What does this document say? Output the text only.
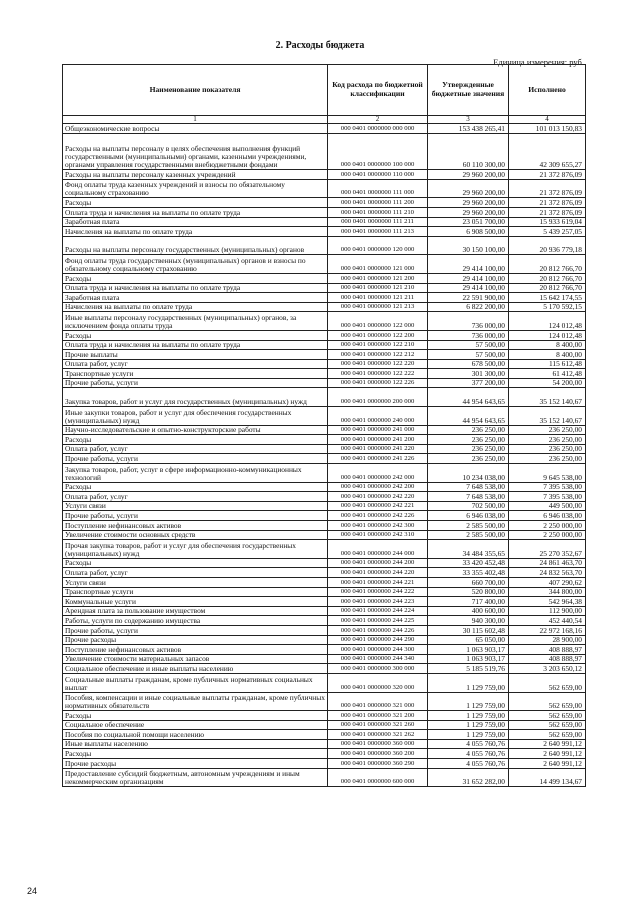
2. Расходы бюджета
Единица измерения: руб.
Наименование показателя	Код расхода по бюджетной классификации	Утвержденные бюджетные значения	Исполнено
1	2	3	4
Общеэкономические вопросы	000 0401 0000000 000 000	153 438 265,41	101 013 150,83
Расходы на выплаты персоналу в целях обеспечения выполнения функций государственными (муниципальными) органами, казенными учреждениями, органами управления государственными внебюджетными фондами	000 0401 0000000 100 000	60 110 300,00	42 309 655,27
Расходы на выплаты персоналу казенных учреждений	000 0401 0000000 110 000	29 960 200,00	21 372 876,09
Фонд оплаты труда казенных учреждений и взносы по обязательному социальному страхованию	000 0401 0000000 111 000	29 960 200,00	21 372 876,09
Расходы	000 0401 0000000 111 200	29 960 200,00	21 372 876,09
Оплата труда и начисления на выплаты по оплате труда	000 0401 0000000 111 210	29 960 200,00	21 372 876,09
Заработная плата	000 0401 0000000 111 211	23 051 700,00	15 933 619,04
Начисления на выплаты по оплате труда	000 0401 0000000 111 213	6 908 500,00	5 439 257,05
Расходы на выплаты персоналу государственных (муниципальных) органов	000 0401 0000000 120 000	30 150 100,00	20 936 779,18
Фонд оплаты труда государственных (муниципальных) органов и взносы по обязательному социальному страхованию	000 0401 0000000 121 000	29 414 100,00	20 812 766,70
Расходы	000 0401 0000000 121 200	29 414 100,00	20 812 766,70
Оплата труда и начисления на выплаты по оплате труда	000 0401 0000000 121 210	29 414 100,00	20 812 766,70
Заработная плата	000 0401 0000000 121 211	22 591 900,00	15 642 174,55
Начисления на выплаты по оплате труда	000 0401 0000000 121 213	6 822 200,00	5 170 592,15
Иные выплаты персоналу государственных (муниципальных) органов, за исключением фонда оплаты труда	000 0401 0000000 122 000	736 000,00	124 012,48
Расходы	000 0401 0000000 122 200	736 000,00	124 012,48
Оплата труда и начисления на выплаты по оплате труда	000 0401 0000000 122 210	57 500,00	8 400,00
Прочие выплаты	000 0401 0000000 122 212	57 500,00	8 400,00
Оплата работ, услуг	000 0401 0000000 122 220	678 500,00	115 612,48
Транспортные услуги	000 0401 0000000 122 222	301 300,00	61 412,48
Прочие работы, услуги	000 0401 0000000 122 226	377 200,00	54 200,00
Закупка товаров, работ и услуг для государственных (муниципальных) нужд	000 0401 0000000 200 000	44 954 643,65	35 152 140,67
Иные закупки товаров, работ и услуг для обеспечения государственных (муниципальных) нужд	000 0401 0000000 240 000	44 954 643,65	35 152 140,67
Научно-исследовательские и опытно-конструкторские работы	000 0401 0000000 241 000	236 250,00	236 250,00
Расходы	000 0401 0000000 241 200	236 250,00	236 250,00
Оплата работ, услуг	000 0401 0000000 241 220	236 250,00	236 250,00
Прочие работы, услуги	000 0401 0000000 241 226	236 250,00	236 250,00
Закупка товаров, работ, услуг в сфере информационно-коммуникационных технологий	000 0401 0000000 242 000	10 234 038,00	9 645 538,00
Расходы	000 0401 0000000 242 200	7 648 538,00	7 395 538,00
Оплата работ, услуг	000 0401 0000000 242 220	7 648 538,00	7 395 538,00
Услуги связи	000 0401 0000000 242 221	702 500,00	449 500,00
Прочие работы, услуги	000 0401 0000000 242 226	6 946 038,00	6 946 038,00
Поступление нефинансовых активов	000 0401 0000000 242 300	2 585 500,00	2 250 000,00
Увеличение стоимости основных средств	000 0401 0000000 242 310	2 585 500,00	2 250 000,00
Прочая закупка товаров, работ и услуг для обеспечения государственных (муниципальных) нужд	000 0401 0000000 244 000	34 484 355,65	25 270 352,67
Расходы	000 0401 0000000 244 200	33 420 452,48	24 861 463,70
Оплата работ, услуг	000 0401 0000000 244 220	33 355 402,48	24 832 563,70
Услуги связи	000 0401 0000000 244 221	660 700,00	407 290,62
Транспортные услуги	000 0401 0000000 244 222	520 800,00	344 800,00
Коммунальные услуги	000 0401 0000000 244 223	717 400,00	542 964,38
Арендная плата за пользование имуществом	000 0401 0000000 244 224	400 600,00	112 900,00
Работы, услуги по содержанию имущества	000 0401 0000000 244 225	940 300,00	452 440,54
Прочие работы, услуги	000 0401 0000000 244 226	30 115 602,48	22 972 168,16
Прочие расходы	000 0401 0000000 244 290	65 050,00	28 900,00
Поступление нефинансовых активов	000 0401 0000000 244 300	1 063 903,17	408 888,97
Увеличение стоимости материальных запасов	000 0401 0000000 244 340	1 063 903,17	408 888,97
Социальное обеспечение и иные выплаты населению	000 0401 0000000 300 000	5 185 519,76	3 203 650,12
Социальные выплаты гражданам, кроме публичных нормативных социальных выплат	000 0401 0000000 320 000	1 129 759,00	562 659,00
Пособия, компенсации и иные социальные выплаты гражданам, кроме публичных нормативных обязательств	000 0401 0000000 321 000	1 129 759,00	562 659,00
Расходы	000 0401 0000000 321 200	1 129 759,00	562 659,00
Социальное обеспечение	000 0401 0000000 321 260	1 129 759,00	562 659,00
Пособия по социальной помощи населению	000 0401 0000000 321 262	1 129 759,00	562 659,00
Иные выплаты населению	000 0401 0000000 360 000	4 055 760,76	2 640 991,12
Расходы	000 0401 0000000 360 200	4 055 760,76	2 640 991,12
Прочие расходы	000 0401 0000000 360 290	4 055 760,76	2 640 991,12
Предоставление субсидий бюджетным, автономным учреждениям и иным некоммерческим организациям	000 0401 0000000 600 000	31 652 282,00	14 499 134,67
24
